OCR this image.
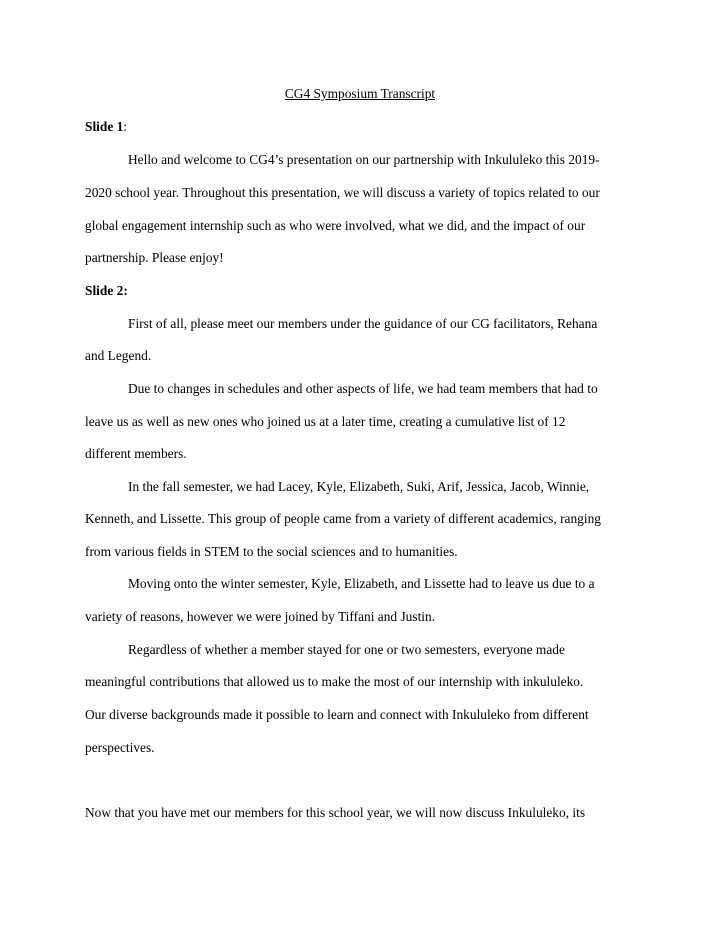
CG4 Symposium Transcript
Slide 1:
Hello and welcome to CG4’s presentation on our partnership with Inkululeko this 2019-
2020 school year. Throughout this presentation, we will discuss a variety of topics related to our
global engagement internship such as who were involved, what we did, and the impact of our
partnership. Please enjoy!
Slide 2:
First of all, please meet our members under the guidance of our CG facilitators, Rehana
and Legend.
Due to changes in schedules and other aspects of life, we had team members that had to
leave us as well as new ones who joined us at a later time, creating a cumulative list of 12
different members.
In the fall semester, we had Lacey, Kyle, Elizabeth, Suki, Arif, Jessica, Jacob, Winnie,
Kenneth, and Lissette. This group of people came from a variety of different academics, ranging
from various fields in STEM to the social sciences and to humanities.
Moving onto the winter semester, Kyle, Elizabeth, and Lissette had to leave us due to a
variety of reasons, however we were joined by Tiffani and Justin.
Regardless of whether a member stayed for one or two semesters, everyone made
meaningful contributions that allowed us to make the most of our internship with inkululeko.
Our diverse backgrounds made it possible to learn and connect with Inkululeko from different
perspectives.
Now that you have met our members for this school year, we will now discuss Inkululeko, its
